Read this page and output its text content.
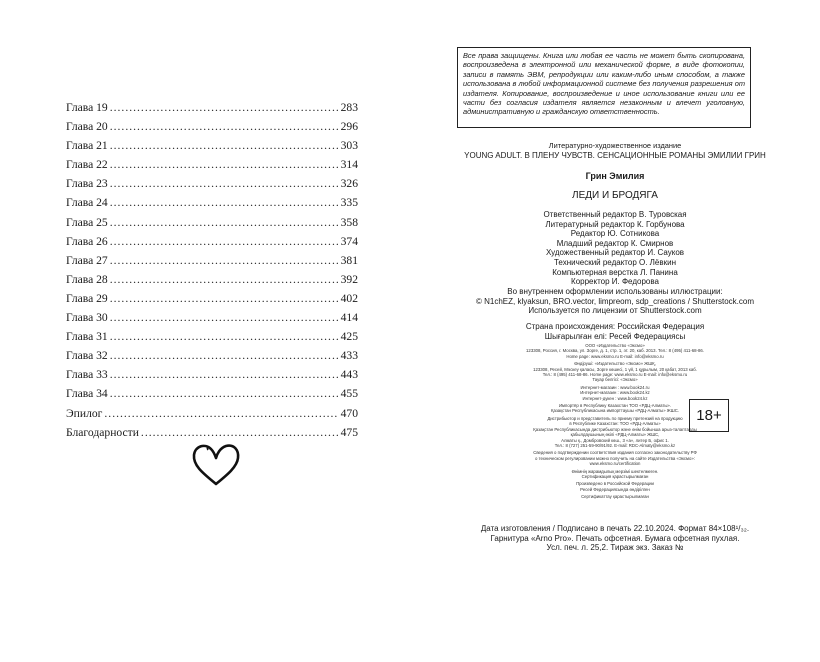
Глава 19 .....	283
Глава 20 .....	296
Глава 21 .....	303
Глава 22 .....	314
Глава 23 .....	326
Глава 24 .....	335
Глава 25 .....	358
Глава 26 .....	374
Глава 27 .....	381
Глава 28 .....	392
Глава 29 .....	402
Глава 30 .....	414
Глава 31 .....	425
Глава 32 .....	433
Глава 33 .....	443
Глава 34 .....	455
Эпилог .....	470
Благодарности .....	475
Все права защищены. Книга или любая ее часть не может быть скопирована, воспроизведена в электронной или механической форме, в виде фотокопии, записи в память ЭВМ, репродукции или каким-либо иным способом, а также использована в любой информационной системе без получения разрешения от издателя. Копирование, воспроизведение и иное использование книги или ее части без согласия издателя является незаконным и влечет уголовную, административную и гражданскую ответственность.
Литературно-художественное издание
YOUNG ADULT. В ПЛЕНУ ЧУВСТВ. СЕНСАЦИОННЫЕ РОМАНЫ ЭМИЛИИ ГРИН
Грин Эмилия
ЛЕДИ И БРОДЯГА
Ответственный редактор В. Туровская
Литературный редактор К. Горбунова
Редактор Ю. Сотникова
Младший редактор К. Смирнов
Художественный редактор И. Сауков
Технический редактор О. Лёвкин
Компьютерная верстка Л. Панина
Корректор И. Федорова
Во внутреннем оформлении использованы иллюстрации:
© N1chEZ, klyaksun, BRO.vector, limpreom, sdp_creations / Shutterstock.com
Используется по лицензии от Shutterstock.com
Страна происхождения: Российская Федерация
Шығарылған елі: Ресей Федерациясы
ООО «Издательство «Эксмо»
123308, Россия, г. Москва, ул. Зорге, д. 1, стр. 1, эт. 20, каб. 2013. Тел.: 8 (495) 411-68-86.
Home page: www.eksmo.ru E-mail: info@eksmo.ru
Өндіруші: «Издательство «Эксмо» ЖШҚ,
123308, Ресей, Мәскеу қаласы, Зорге көшесі, 1 үй, 1 құрылым, 20 қабат, 2013 каб.
Тел.: 8 (495) 411-68-86. Home page: www.eksmo.ru E-mail: info@eksmo.ru
Тауар белгісі: «Эксмо»
Интернет-магазин : www.book24.ru
Интернет-магазин : www.book24.kz
Интернет-дүкен : www.book24.kz
Импортёр в Республику Казахстан ТОО «РДЦ-Алматы».
Қазақстан Республикасына импорттаушы «РДЦ-Алматы» ЖШС.
Дистрибьютор и представитель по приему претензий на продукцию
в Республике Казахстан: ТОО «РДЦ-Алматы»
Қазақстан Республикасында дистрибьютор және өнім бойынша арыз-талаптарды
қабылдаушының өкілі «РДЦ-Алматы» ЖШС,
Алматы қ., Домбровский көш., 3 «а», литер Б, офис 1.
Тел.: 8 (727) 251-59-90/91/92. E-mail: RDC-Almaty@eksmo.kz
Сведения о подтверждении соответствия издания согласно законодательству РФ
о техническом регулировании можно получить на сайте Издательства «Эксмо»:
www.eksmo.ru/certification
Өнімнің жарамдылық мерзімі шектелмеген.
Сертификация қарастырылмаған
Произведено в Российской Федерации
Ресей Федерациясында өндірілген
Сертификаттау қарастырылмаған
18+
Дата изготовления / Подписано в печать 22.10.2024. Формат 84×108¹/₃₂.
Гарнитура «Arno Pro». Печать офсетная. Бумага офсетная пухлая.
Усл. печ. л. 25,2. Тираж экз. Заказ №
